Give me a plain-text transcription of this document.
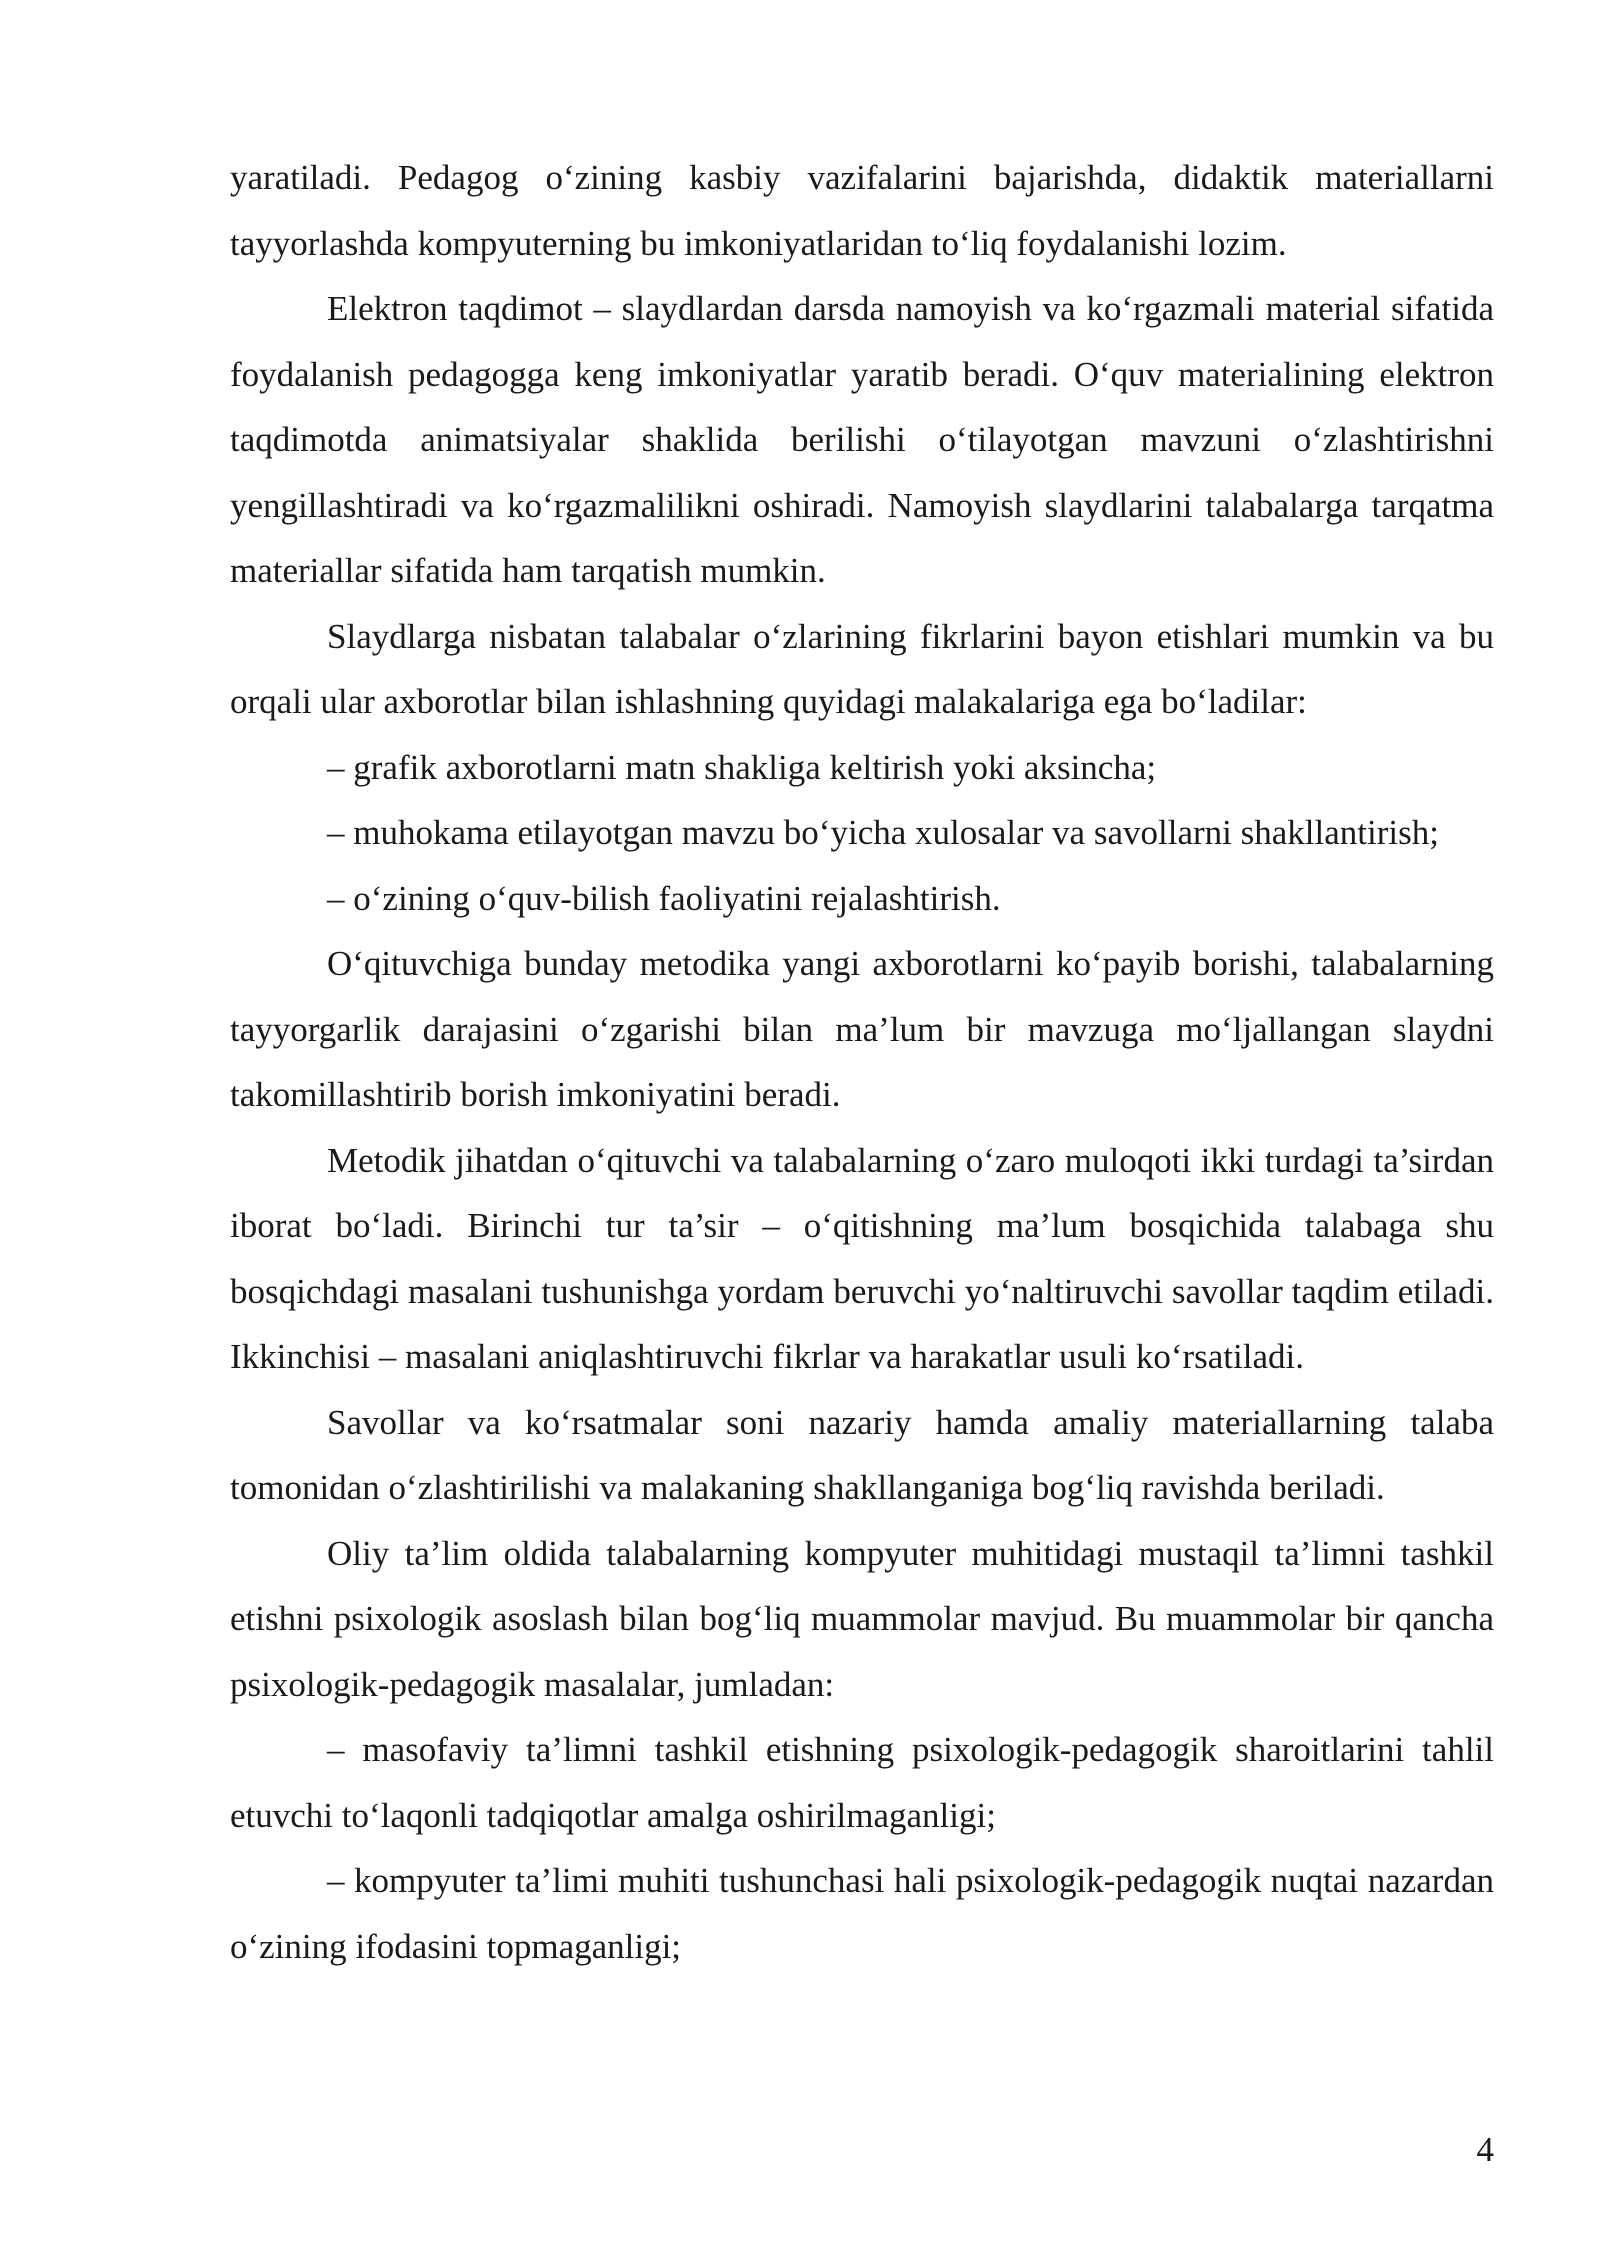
yaratiladi. Pedagog o‘zining kasbiy vazifalarini bajarishda, didaktik materiallarni tayyorlashda kompyuterning bu imkoniyatlaridan to‘liq foydalanishi lozim.

Elektron taqdimot – slaydlardan darsda namoyish va ko‘rgazmali material sifatida foydalanish pedagogga keng imkoniyatlar yaratib beradi. O‘quv materialining elektron taqdimotda animatsiyalar shaklida berilishi o‘tilayotgan mavzuni o‘zlashtirishni yengillashtiradi va ko‘rgazmalilikni oshiradi. Namoyish slaydlarini talabalarga tarqatma materiallar sifatida ham tarqatish mumkin.

Slaydlarga nisbatan talabalar o‘zlarining fikrlarini bayon etishlari mumkin va bu orqali ular axborotlar bilan ishlashning quyidagi malakalariga ega bo‘ladilar:

– grafik axborotlarni matn shakliga keltirish yoki aksincha;

– muhokama etilayotgan mavzu bo‘yicha xulosalar va savollarni shakllantirish;

– o‘zining o‘quv-bilish faoliyatini rejalashtirish.

O‘qituvchiga bunday metodika yangi axborotlarni ko‘payib borishi, talabalarning tayyorgarlik darajasini o‘zgarishi bilan ma’lum bir mavzuga mo‘ljallangan slaydni takomillashtirib borish imkoniyatini beradi.

Metodik jihatdan o‘qituvchi va talabalarning o‘zaro muloqoti ikki turdagi ta’sirdan iborat bo‘ladi. Birinchi tur ta’sir – o‘qitishning ma’lum bosqichida talabaga shu bosqichdagi masalani tushunishga yordam beruvchi yo‘naltiruvchi savollar taqdim etiladi. Ikkinchisi – masalani aniqlashtiruvchi fikrlar va harakatlar usuli ko‘rsatiladi.

Savollar va ko‘rsatmalar soni nazariy hamda amaliy materiallarning talaba tomonidan o‘zlashtirilishi va malakaning shakllanganiga bog‘liq ravishda beriladi.

Oliy ta’lim oldida talabalarning kompyuter muhitidagi mustaqil ta’limni tashkil etishni psixologik asoslash bilan bog‘liq muammolar mavjud. Bu muammolar bir qancha psixologik-pedagogik masalalar, jumladan:

– masofaviy ta’limni tashkil etishning psixologik-pedagogik sharoitlarini tahlil etuvchi to‘laqonli tadqiqotlar amalga oshirilmaganligi;

– kompyuter ta’limi muhiti tushunchasi hali psixologik-pedagogik nuqtai nazardan o‘zining ifodasini topmaganligi;

4
